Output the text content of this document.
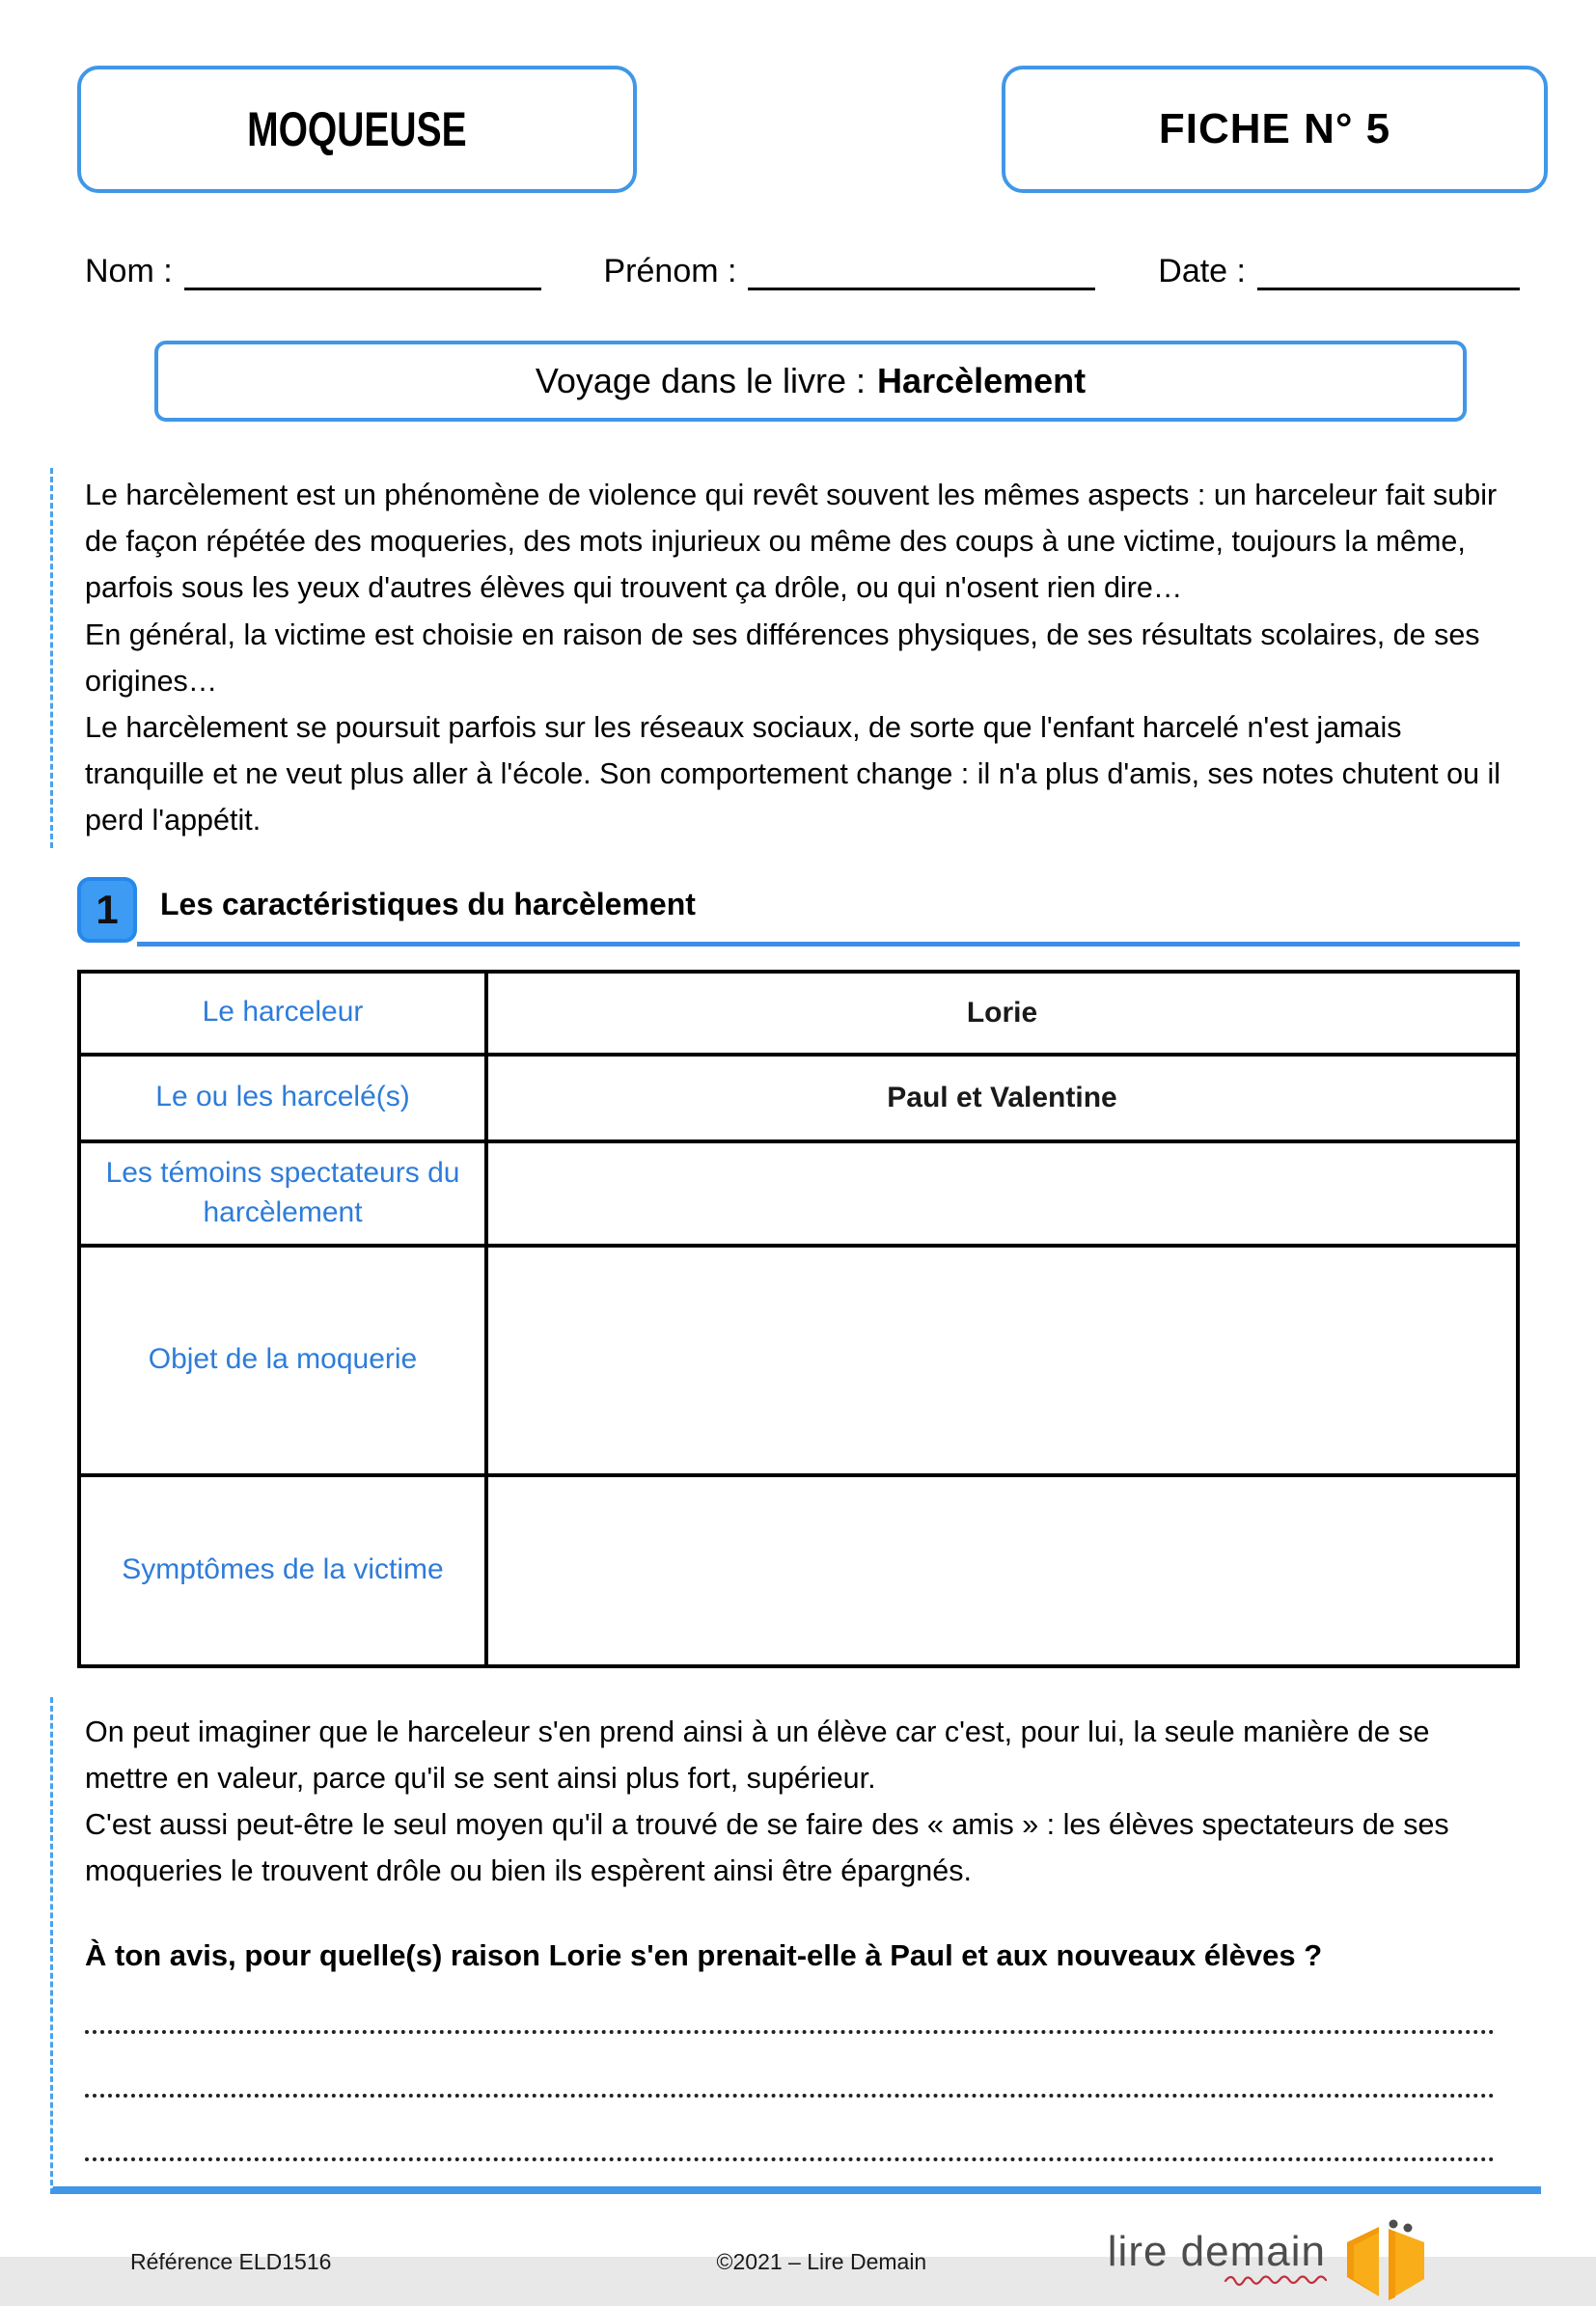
MOQUEUSE	FICHE N° 5
Nom :	Prénom :	Date :
Voyage dans le livre : Harcèlement

Le harcèlement est un phénomène de violence qui revêt souvent les mêmes aspects : un harceleur fait subir de façon répétée des moqueries, des mots injurieux ou même des coups à une victime, toujours la même, parfois sous les yeux d'autres élèves qui trouvent ça drôle, ou qui n'osent rien dire…

En général, la victime est choisie en raison de ses différences physiques, de ses résultats scolaires, de ses origines…

Le harcèlement se poursuit parfois sur les réseaux sociaux, de sorte que l'enfant harcelé n'est jamais tranquille et ne veut plus aller à l'école. Son comportement change : il n'a plus d'amis, ses notes chutent ou il perd l'appétit.

1 Les caractéristiques du harcèlement
Le harceleur	Lorie
Le ou les harcelé(s)	Paul et Valentine
Les témoins spectateurs du harcèlement	
Objet de la moquerie	
Symptômes de la victime	

On peut imaginer que le harceleur s'en prend ainsi à un élève car c'est, pour lui, la seule manière de se mettre en valeur, parce qu'il se sent ainsi plus fort, supérieur.

C'est aussi peut-être le seul moyen qu'il a trouvé de se faire des « amis » : les élèves spectateurs de ses moqueries le trouvent drôle ou bien ils espèrent ainsi être épargnés.

À ton avis, pour quelle(s) raison Lorie s'en prenait-elle à Paul et aux nouveaux élèves ?
Référence ELD1516	©2021 – Lire Demain	lire demain
